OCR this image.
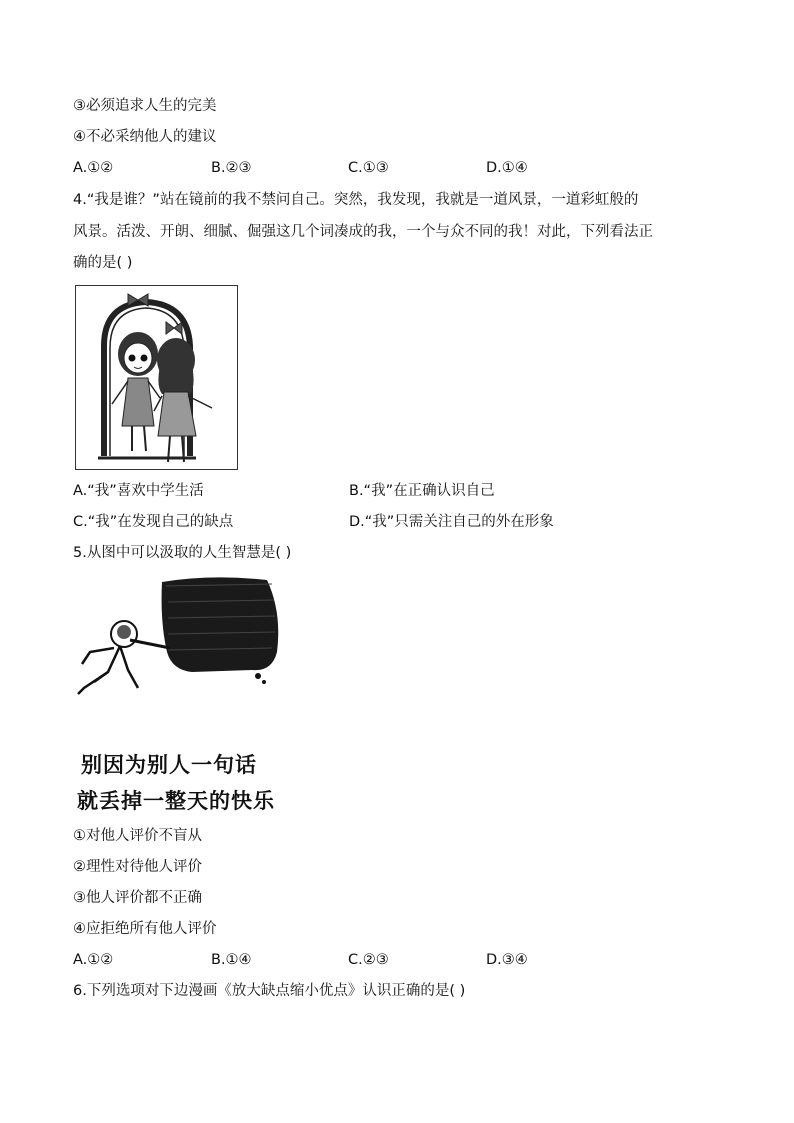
③必须追求人生的完美
④不必采纳他人的建议
A.①②	B.②③	C.①③	D.①④
4.“我是谁？”站在镜前的我不禁问自己。突然，我发现，我就是一道风景，一道彩虹般的
风景。活泼、开朗、细腻、倔强这几个词凑成的我，一个与众不同的我！对此，下列看法正
确的是( )
A.“我”喜欢中学生活	B.“我”在正确认识自己
C.“我”在发现自己的缺点	D.“我”只需关注自己的外在形象
5.从图中可以汲取的人生智慧是( )
别因为别人一句话
就丢掉一整天的快乐
①对他人评价不盲从
②理性对待他人评价
③他人评价都不正确
④应拒绝所有他人评价
A.①②	B.①④	C.②③	D.③④
6.下列选项对下边漫画《放大缺点缩小优点》认识正确的是( )
